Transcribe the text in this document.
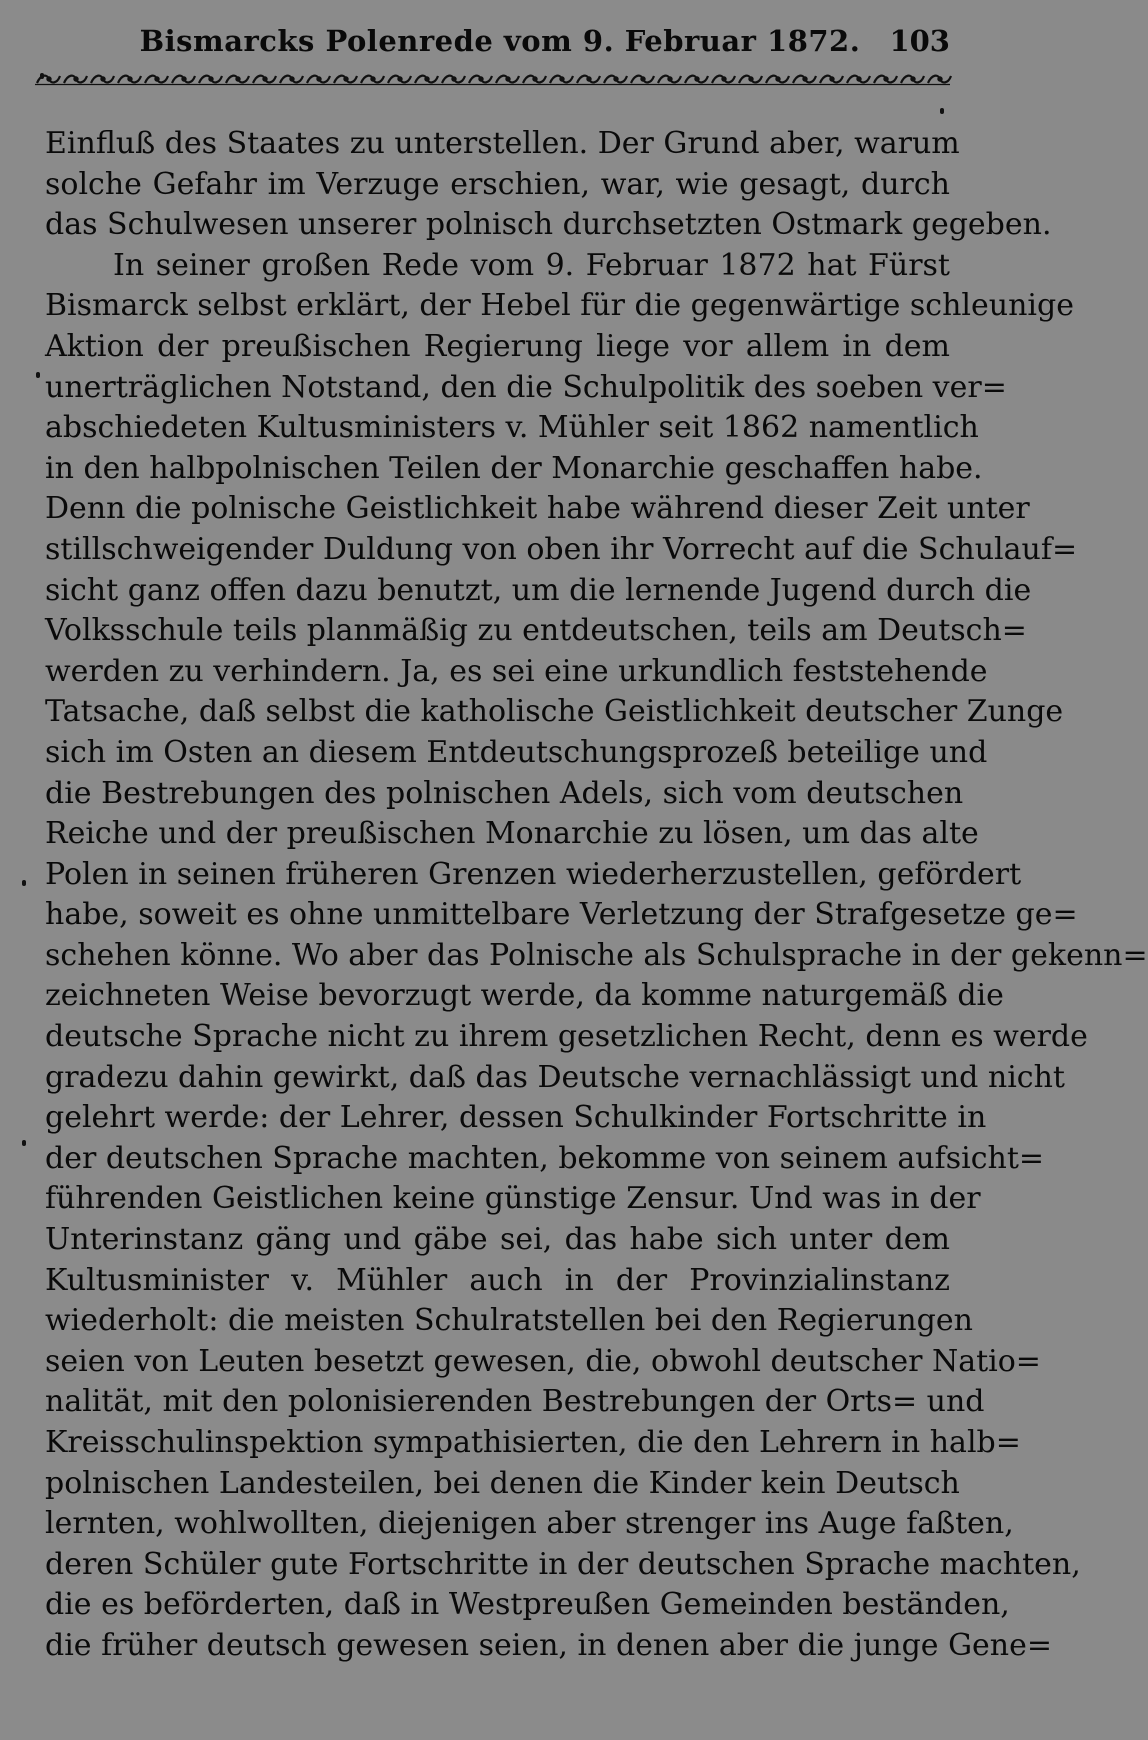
Bismarcks Polenrede vom 9. Februar 1872.	103
Einfluß des Staates zu unterstellen. Der Grund aber, warum
solche Gefahr im Verzuge erschien, war, wie gesagt, durch
das Schulwesen unserer polnisch durchsetzten Ostmark gegeben.
In seiner großen Rede vom 9. Februar 1872 hat Fürst
Bismarck selbst erklärt, der Hebel für die gegenwärtige schleunige
Aktion der preußischen Regierung liege vor allem in dem
unerträglichen Notstand, den die Schulpolitik des soeben ver=
abschiedeten Kultusministers v. Mühler seit 1862 namentlich
in den halbpolnischen Teilen der Monarchie geschaffen habe.
Denn die polnische Geistlichkeit habe während dieser Zeit unter
stillschweigender Duldung von oben ihr Vorrecht auf die Schulauf=
sicht ganz offen dazu benutzt, um die lernende Jugend durch die
Volksschule teils planmäßig zu entdeutschen, teils am Deutsch=
werden zu verhindern. Ja, es sei eine urkundlich feststehende
Tatsache, daß selbst die katholische Geistlichkeit deutscher Zunge
sich im Osten an diesem Entdeutschungsprozeß beteilige und
die Bestrebungen des polnischen Adels, sich vom deutschen
Reiche und der preußischen Monarchie zu lösen, um das alte
Polen in seinen früheren Grenzen wiederherzustellen, gefördert
habe, soweit es ohne unmittelbare Verletzung der Strafgesetze ge=
schehen könne. Wo aber das Polnische als Schulsprache in der gekenn=
zeichneten Weise bevorzugt werde, da komme naturgemäß die
deutsche Sprache nicht zu ihrem gesetzlichen Recht, denn es werde
gradezu dahin gewirkt, daß das Deutsche vernachlässigt und nicht
gelehrt werde: der Lehrer, dessen Schulkinder Fortschritte in
der deutschen Sprache machten, bekomme von seinem aufsicht=
führenden Geistlichen keine günstige Zensur. Und was in der
Unterinstanz gäng und gäbe sei, das habe sich unter dem
Kultusminister v. Mühler auch in der Provinzialinstanz
wiederholt: die meisten Schulratstellen bei den Regierungen
seien von Leuten besetzt gewesen, die, obwohl deutscher Natio=
nalität, mit den polonisierenden Bestrebungen der Orts= und
Kreisschulinspektion sympathisierten, die den Lehrern in halb=
polnischen Landesteilen, bei denen die Kinder kein Deutsch
lernten, wohlwollten, diejenigen aber strenger ins Auge faßten,
deren Schüler gute Fortschritte in der deutschen Sprache machten,
die es beförderten, daß in Westpreußen Gemeinden beständen,
die früher deutsch gewesen seien, in denen aber die junge Gene=
